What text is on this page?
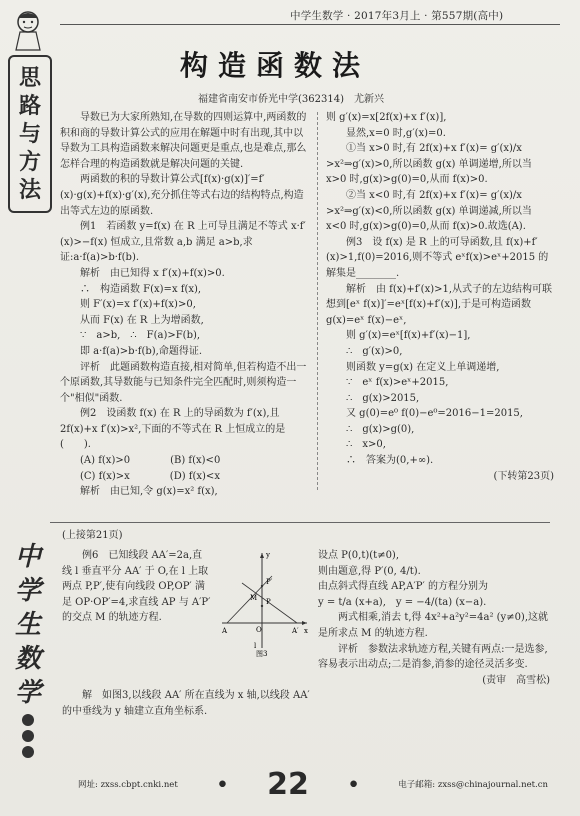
中学生数学 · 2017年3月上 · 第557期(高中)
思
路
与
方
法
构造函数法
福建省南安市侨光中学(362314)　尤新兴

导数已为大家所熟知,在导数的四则运算中,两函数的积和商的导数计算公式的应用在解题中时有出现,其中以导数为工具构造函数来解决问题更是重点,也是难点,那么怎样合理的构造函数就是解决问题的关键.

两函数的积的导数计算公式[f(x)·g(x)]′=f′(x)·g(x)+f(x)·g′(x),充分抓住等式右边的结构特点,构造出等式左边的原函数.

例1　若函数 y=f(x) 在 R 上可导且满足不等式 x·f′(x)>−f(x) 恒成立,且常数 a,b 满足 a>b,求证:a·f(a)>b·f(b).

解析　由已知得 x f′(x)+f(x)>0.

∴　构造函数 F(x)=x f(x),

则 F′(x)=x f′(x)+f(x)>0,

从而 F(x) 在 R 上为增函数,

∵　a>b,　∴　F(a)>F(b),

即 a·f(a)>b·f(b),命题得证.

评析　此题函数构造直接,相对简单,但若构造不出一个原函数,其导数能与已知条件完全匹配时,则须构造一个"相似"函数.

例2　设函数 f(x) 在 R 上的导函数为 f′(x),且 2f(x)+x f′(x)>x²,下面的不等式在 R 上恒成立的是(　　).

(A) f(x)>0　　　　(B) f(x)<0

(C) f(x)>x　　　　(D) f(x)<x

解析　由已知,令 g(x)=x² f(x),

则 g′(x)=x[2f(x)+x f′(x)],

显然,x=0 时,g′(x)=0.

①当 x>0 时,有 2f(x)+x f′(x)= g′(x)/x >x²⇒g′(x)>0,所以函数 g(x) 单调递增,所以当 x>0 时,g(x)>g(0)=0,从而 f(x)>0.

②当 x<0 时,有 2f(x)+x f′(x)= g′(x)/x >x²⇒g′(x)<0,所以函数 g(x) 单调递减,所以当 x<0 时,g(x)>g(0)=0,从而 f(x)>0.故选(A).

例3　设 f(x) 是 R 上的可导函数,且 f(x)+f′(x)>1,f(0)=2016,则不等式 eˣf(x)>eˣ+2015 的解集是________.

解析　由 f(x)+f′(x)>1,从式子的左边结构可联想到[eˣ f(x)]′=eˣ[f(x)+f′(x)],于是可构造函数 g(x)=eˣ f(x)−eˣ,

则 g′(x)=eˣ[f(x)+f′(x)−1],

∴　g′(x)>0,

则函数 y=g(x) 在定义上单调递增,

∵　eˣ f(x)>eˣ+2015,

∴　g(x)>2015,

又 g(0)=e⁰ f(0)−e⁰=2016−1=2015,

∴　g(x)>g(0),

∴　x>0,

∴　答案为(0,+∞).

(下转第23页)

中
学
生
数
学
(上接第21页)

例6　已知线段 AA′=2a,直线 l 垂直平分 AA′ 于 O,在 l 上取两点 P,P′,使有向线段 OP,OP′ 满足 OP·OP′=4,求直线 AP 与 A′P′ 的交点 M 的轨迹方程.

解　如图3,以线段 AA′ 所在直线为 x 轴,以线段 AA′ 的中垂线为 y 轴建立直角坐标系.

y
P′
P
M
A	O	A′ x
l
图3

设点 P(0,t)(t≠0),

则由题意,得 P′(0, 4/t).

由点斜式得直线 AP,A′P′ 的方程分别为

y = t/a (x+a),　y = −4/(ta) (x−a).

两式相乘,消去 t,得 4x²+a²y²=4a² (y≠0),这就是所求点 M 的轨迹方程.

评析　参数法求轨迹方程,关键有两点:一是选参,容易表示出动点;二是消参,消参的途径灵活多变.

(责审　高雪松)

网址: zxss.cbpt.cnki.net	● 22	●	电子邮箱: zxss@chinajournal.net.cn
